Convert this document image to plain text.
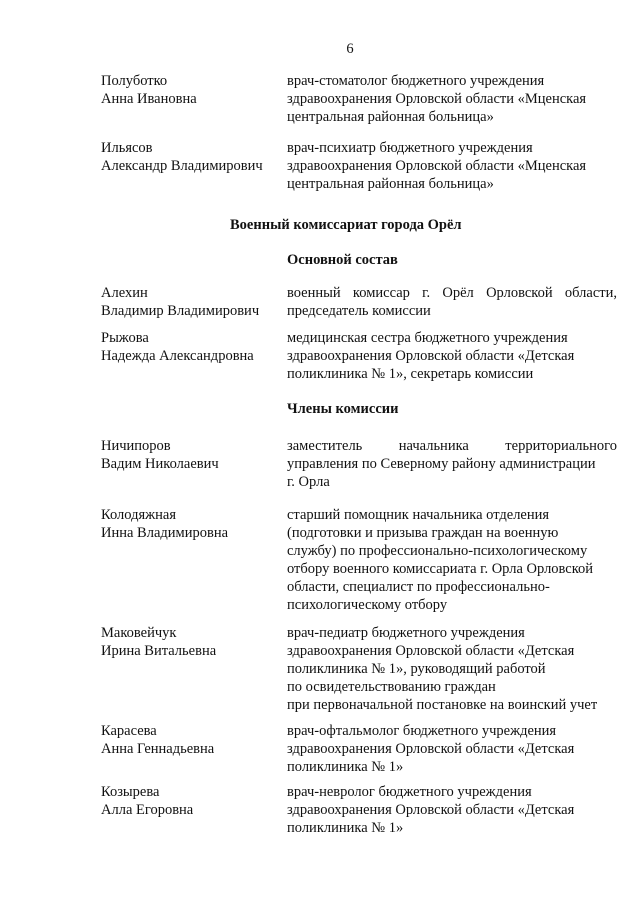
6
Полуботко
Анна Ивановна
врач-стоматолог бюджетного учреждения
здравоохранения Орловской области «Мценская
центральная районная больница»
Ильясов
Александр Владимирович
врач-психиатр бюджетного учреждения
здравоохранения Орловской области «Мценская
центральная районная больница»
Военный комиссариат города Орёл
Основной состав
Алехин
Владимир Владимирович
военный комиссар г. Орёл Орловской области,
председатель комиссии
Рыжова
Надежда Александровна
медицинская сестра бюджетного учреждения
здравоохранения Орловской области «Детская
поликлиника № 1», секретарь комиссии
Члены комиссии
Ничипоров
Вадим Николаевич
заместитель начальника территориального
управления по Северному району администрации
г. Орла
Колодяжная
Инна Владимировна
старший помощник начальника отделения
(подготовки и призыва граждан на военную
службу) по профессионально-психологическому
отбору военного комиссариата г. Орла Орловской
области, специалист по профессионально-
психологическому отбору
Маковейчук
Ирина Витальевна
врач-педиатр бюджетного учреждения
здравоохранения Орловской области «Детская
поликлиника № 1», руководящий работой
по освидетельствованию граждан
при первоначальной постановке на воинский учет
Карасева
Анна Геннадьевна
врач-офтальмолог бюджетного учреждения
здравоохранения Орловской области «Детская
поликлиника № 1»
Козырева
Алла Егоровна
врач-невролог бюджетного учреждения
здравоохранения Орловской области «Детская
поликлиника № 1»
